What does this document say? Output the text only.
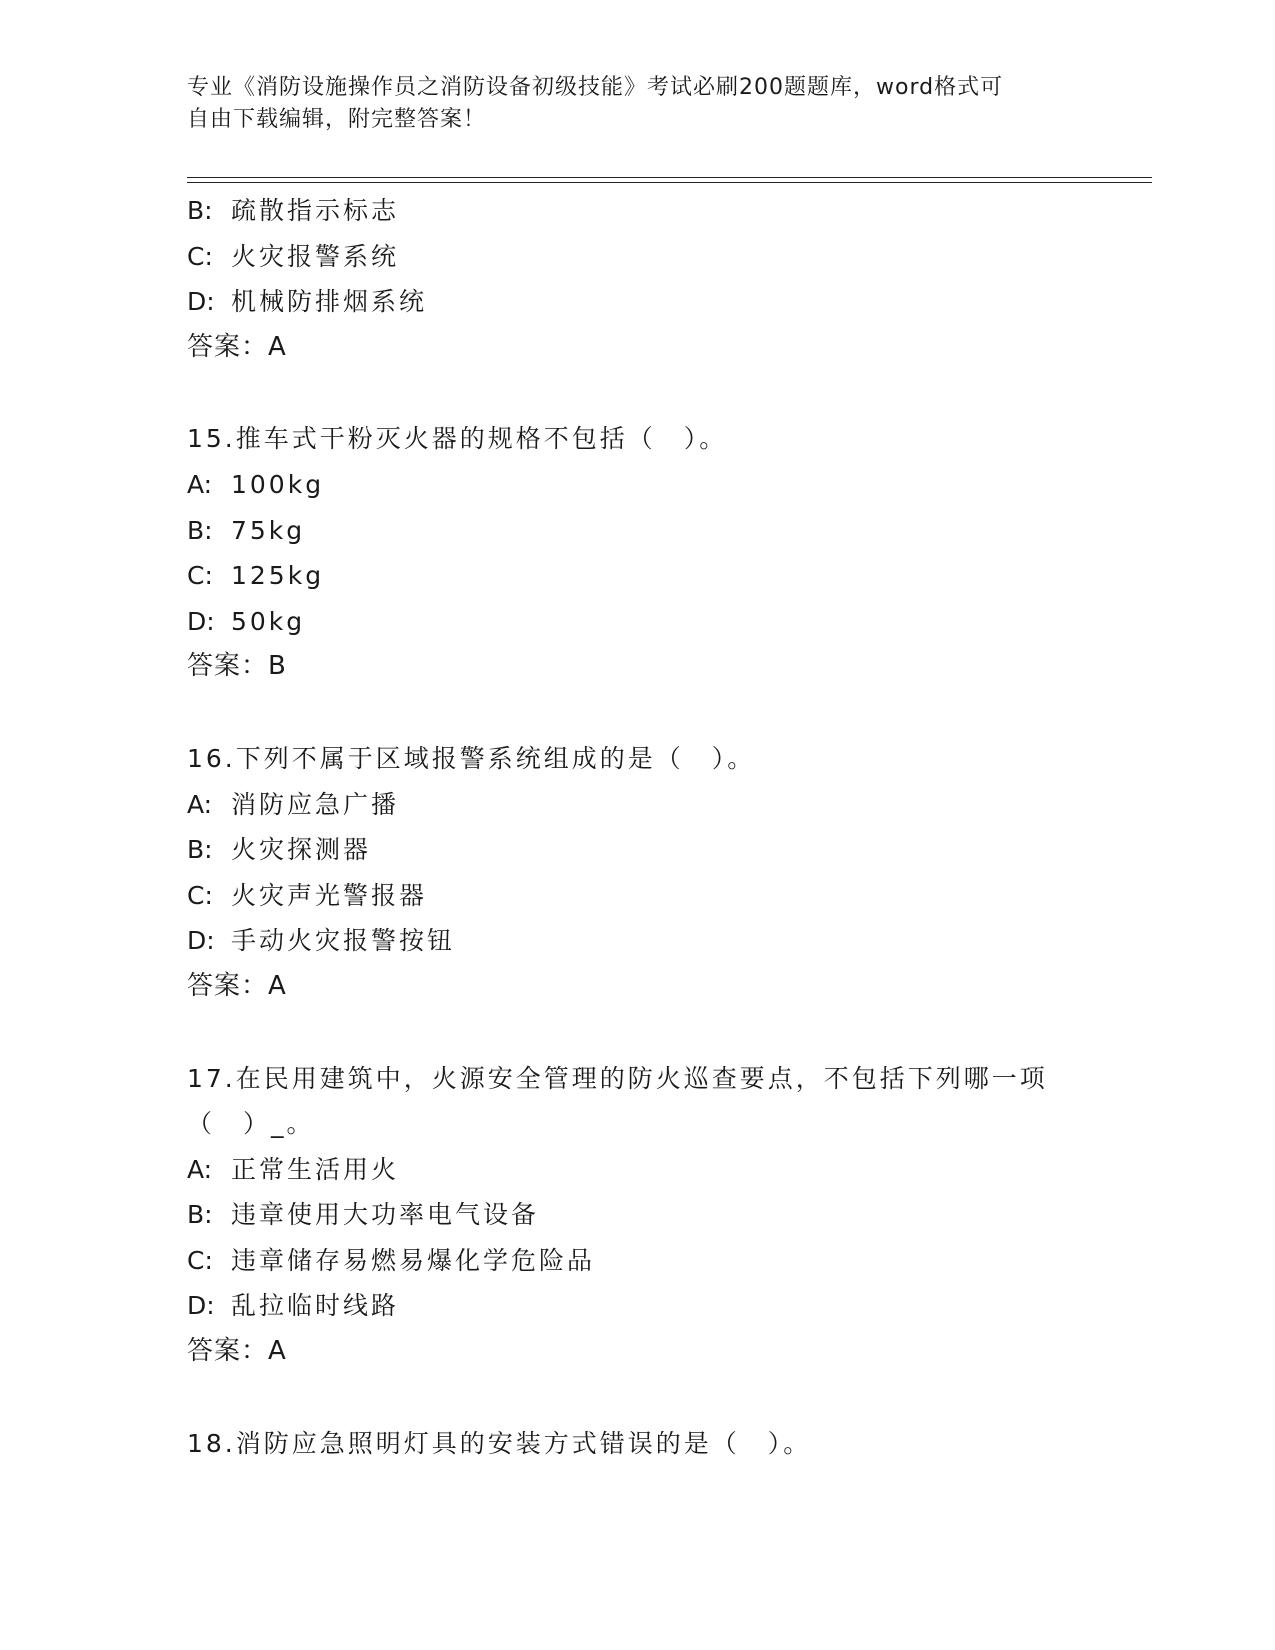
专业《消防设施操作员之消防设备初级技能》考试必刷200题题库，word格式可
自由下载编辑，附完整答案！
B: 疏散指示标志
C: 火灾报警系统
D: 机械防排烟系统
答案：A
15.推车式干粉灭火器的规格不包括（　）。
A: 100kg
B: 75kg
C: 125kg
D: 50kg
答案：B
16.下列不属于区域报警系统组成的是（　）。
A: 消防应急广播
B: 火灾探测器
C: 火灾声光警报器
D: 手动火灾报警按钮
答案：A
17.在民用建筑中，火源安全管理的防火巡查要点，不包括下列哪一项
（　）_。
A: 正常生活用火
B: 违章使用大功率电气设备
C: 违章储存易燃易爆化学危险品
D: 乱拉临时线路
答案：A
18.消防应急照明灯具的安装方式错误的是（　）。
